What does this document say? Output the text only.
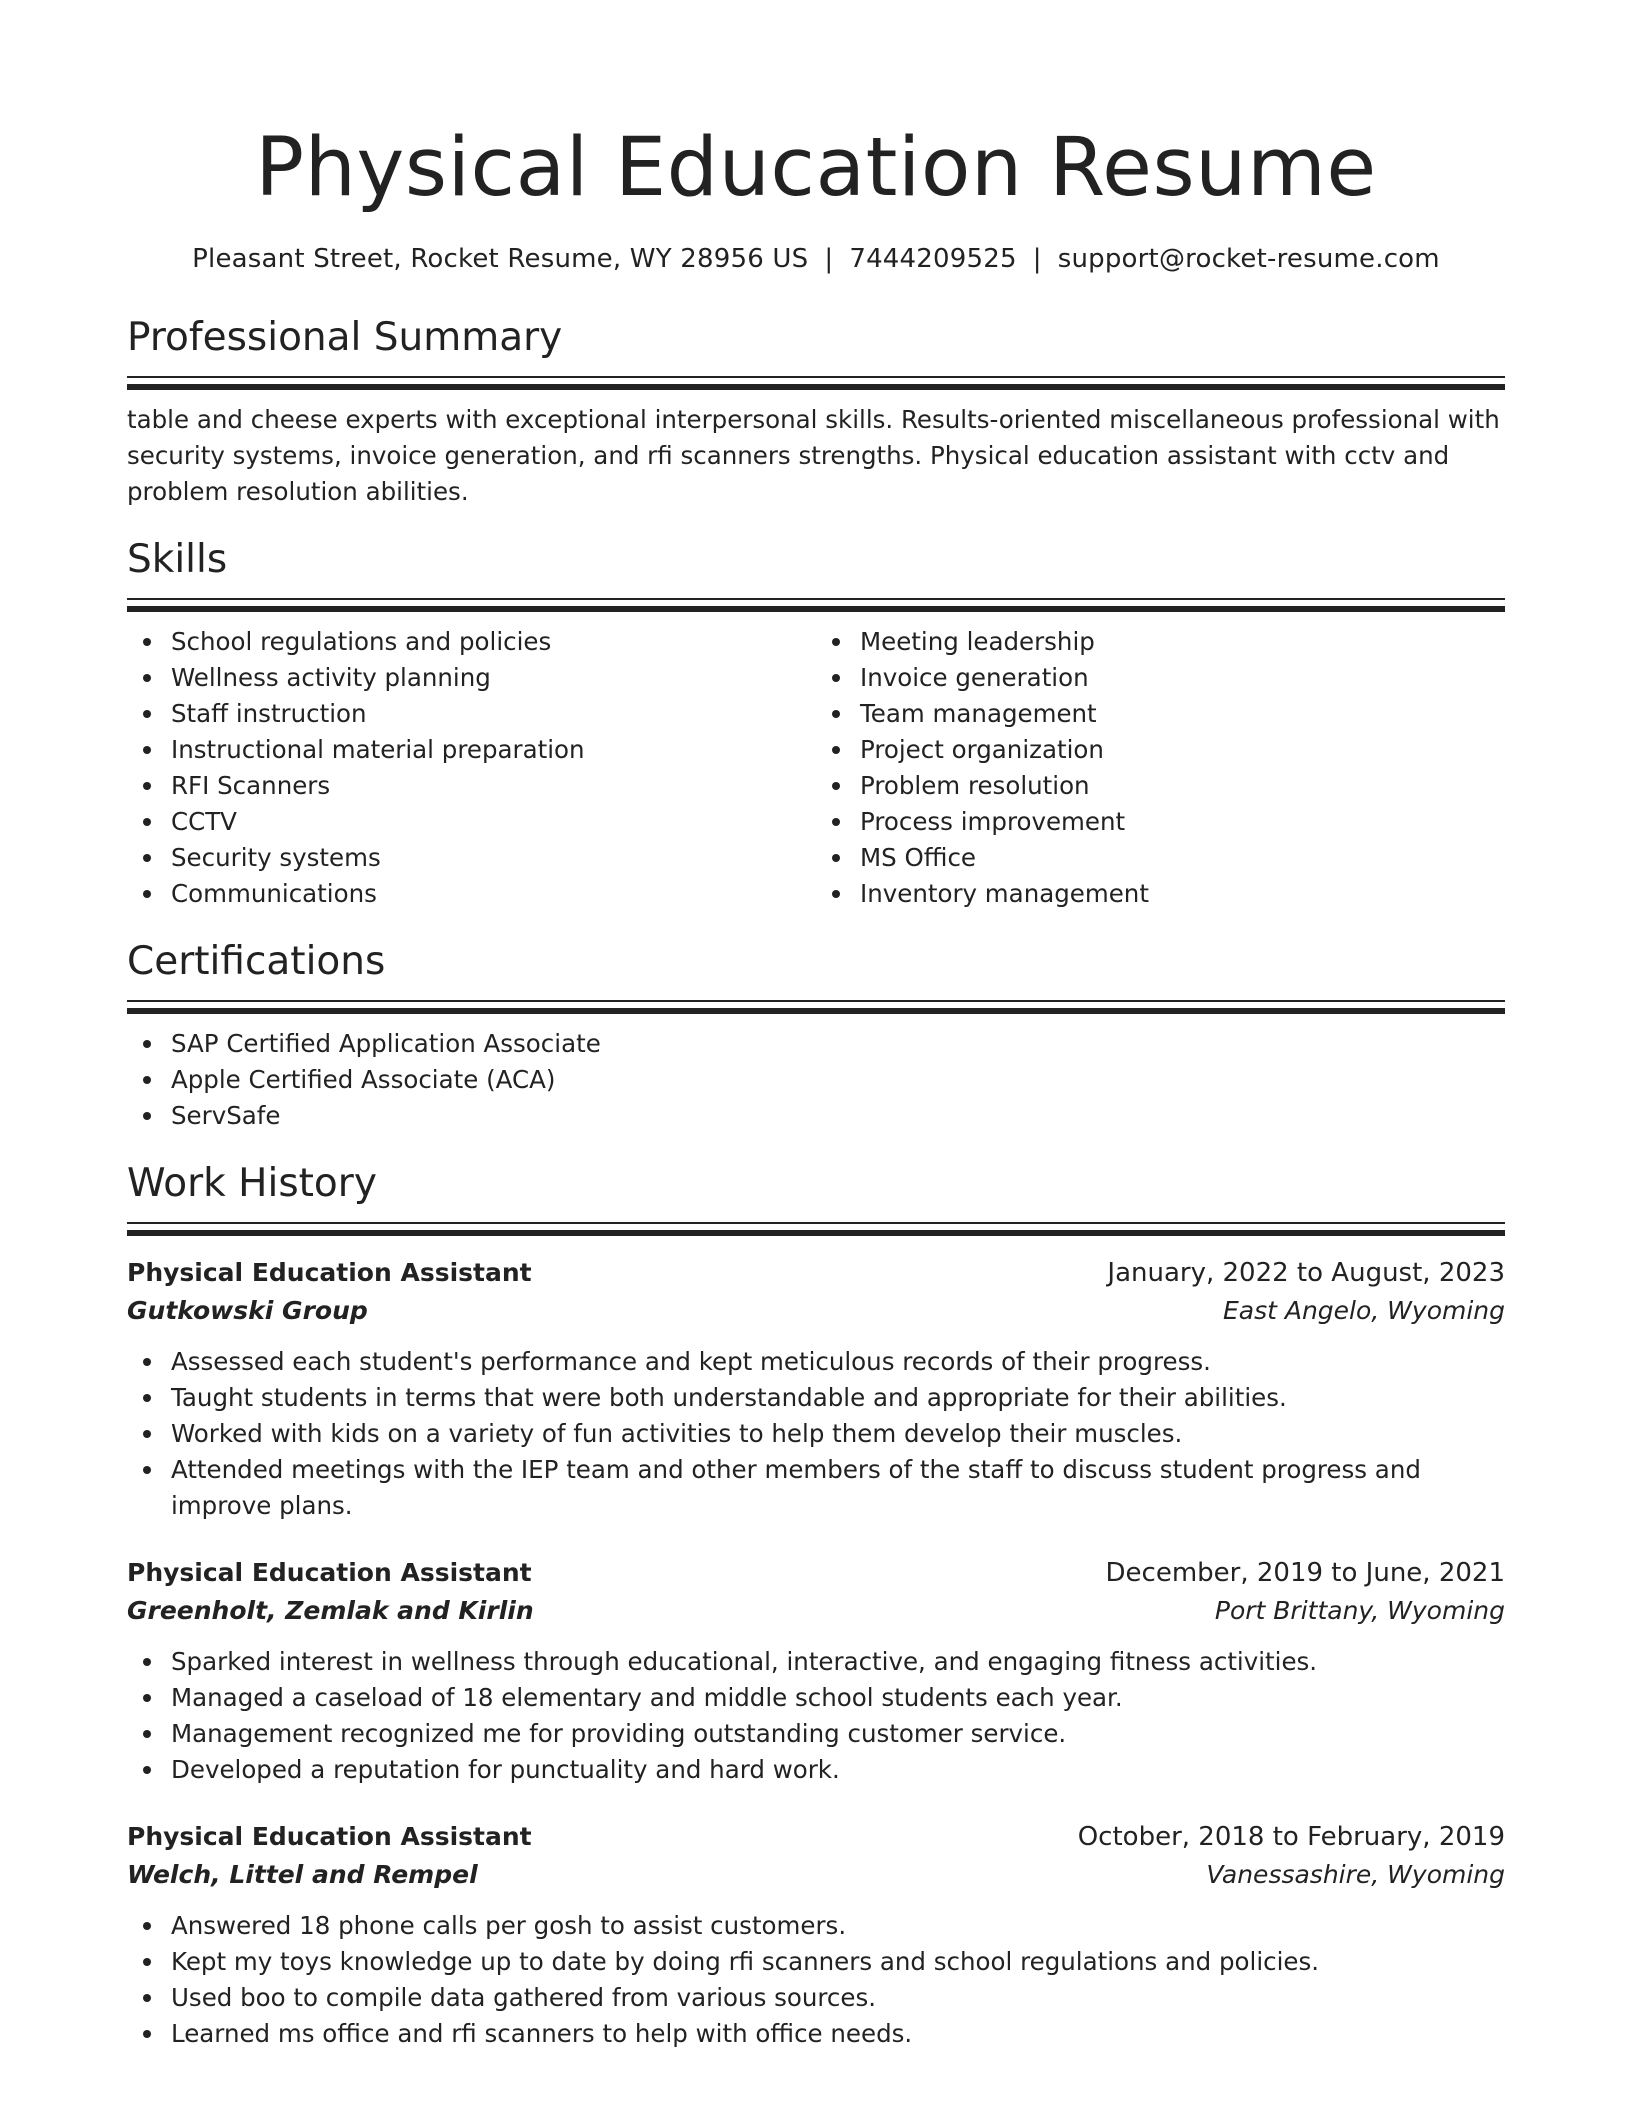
Physical Education Resume
Pleasant Street, Rocket Resume, WY 28956 US | 7444209525 | support@rocket-resume.com
Professional Summary

table and cheese experts with exceptional interpersonal skills. Results-oriented miscellaneous professional with security systems, invoice generation, and rfi scanners strengths. Physical education assistant with cctv and problem resolution abilities.

Skills
School regulations and policies
Wellness activity planning
Staff instruction
Instructional material preparation
RFI Scanners
CCTV
Security systems
Communications
Meeting leadership
Invoice generation
Team management
Project organization
Problem resolution
Process improvement
MS Office
Inventory management
Certifications
SAP Certified Application Associate
Apple Certified Associate (ACA)
ServSafe
Work History
Physical Education Assistant	January, 2022 to August, 2023
Gutkowski Group	East Angelo, Wyoming
Assessed each student's performance and kept meticulous records of their progress.
Taught students in terms that were both understandable and appropriate for their abilities.
Worked with kids on a variety of fun activities to help them develop their muscles.
Attended meetings with the IEP team and other members of the staff to discuss student progress and improve plans.
Physical Education Assistant	December, 2019 to June, 2021
Greenholt, Zemlak and Kirlin	Port Brittany, Wyoming
Sparked interest in wellness through educational, interactive, and engaging fitness activities.
Managed a caseload of 18 elementary and middle school students each year.
Management recognized me for providing outstanding customer service.
Developed a reputation for punctuality and hard work.
Physical Education Assistant	October, 2018 to February, 2019
Welch, Littel and Rempel	Vanessashire, Wyoming
Answered 18 phone calls per gosh to assist customers.
Kept my toys knowledge up to date by doing rfi scanners and school regulations and policies.
Used boo to compile data gathered from various sources.
Learned ms office and rfi scanners to help with office needs.
